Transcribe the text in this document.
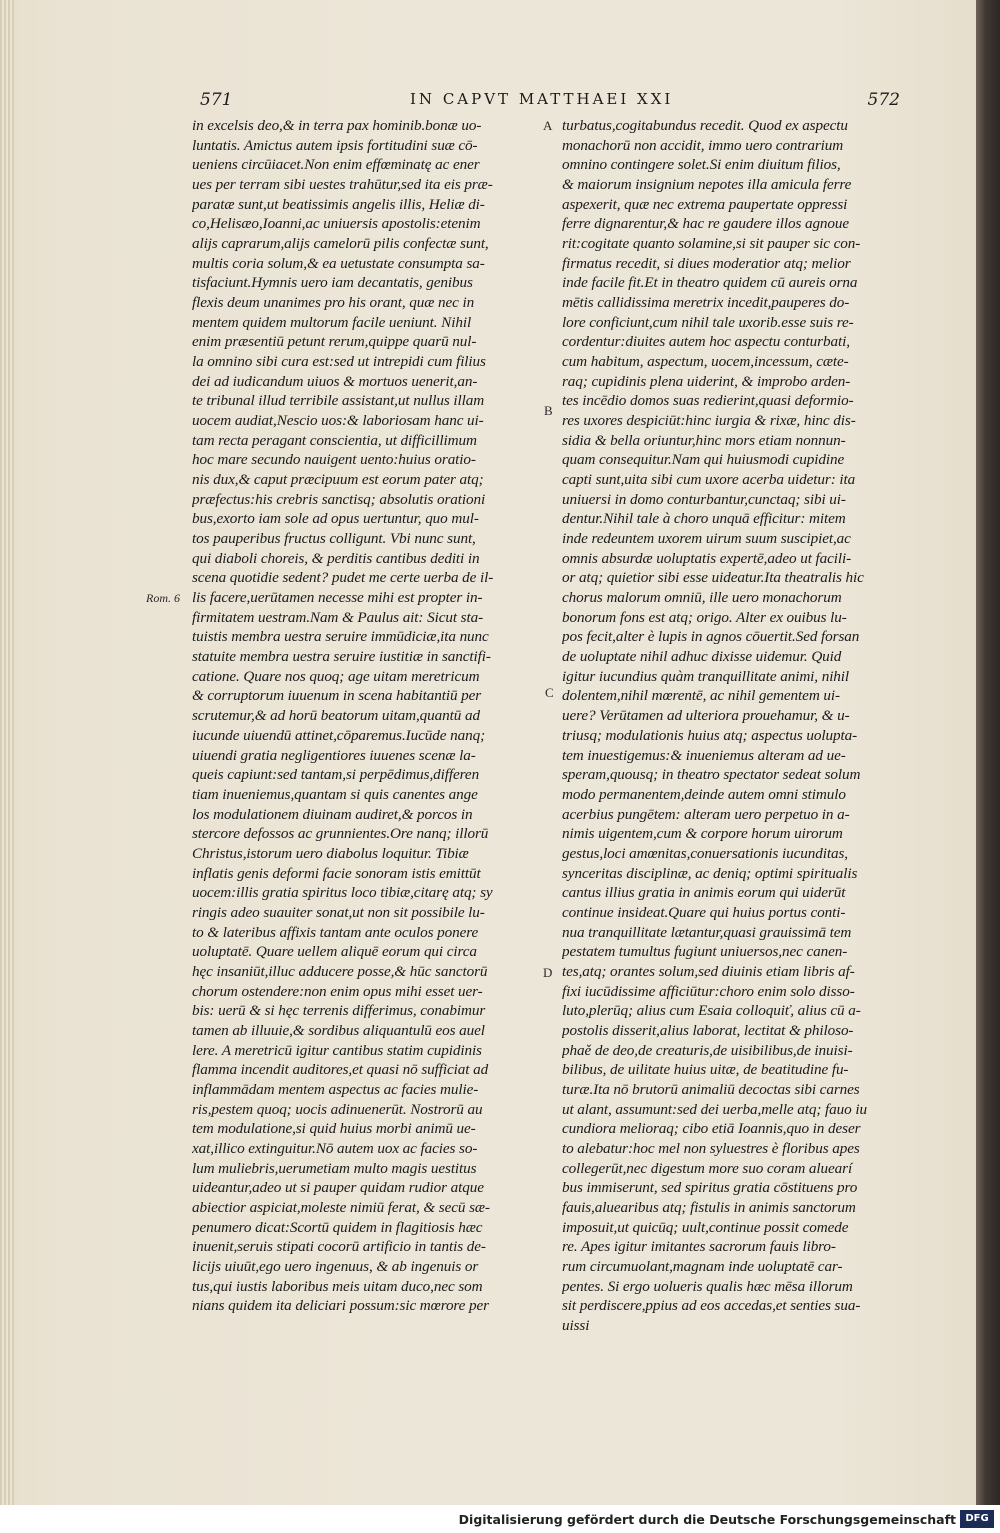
571	IN CAPVT MATTHAEI XXI	572
in excelsis deo,& in terra pax hominib.bonæ uo-
luntatis. Amictus autem ipsis fortitudini suæ cō-
ueniens circūiacet.Non enim effœminatę ac ener
ues per terram sibi uestes trahūtur,sed ita eis præ-
paratæ sunt,ut beatissimis angelis illis, Heliæ di-
co,Helisæo,Ioanni,ac uniuersis apostolis:etenim
alijs caprarum,alijs camelorū pilis confectæ sunt,
multis coria solum,& ea uetustate consumpta sa-
tisfaciunt.Hymnis uero iam decantatis, genibus
flexis deum unanimes pro his orant, quæ nec in
mentem quidem multorum facile ueniunt. Nihil
enim præsentiū petunt rerum,quippe quarū nul-
la omnino sibi cura est:sed ut intrepidi cum filius
dei ad iudicandum uiuos & mortuos uenerit,an-
te tribunal illud terribile assistant,ut nullus illam
uocem audiat,Nescio uos:& laboriosam hanc ui-
tam recta peragant conscientia, ut difficillimum
hoc mare secundo nauigent uento:huius oratio-
nis dux,& caput præcipuum est eorum pater atq;
præfectus:his crebris sanctisq; absolutis orationi
bus,exorto iam sole ad opus uertuntur, quo mul-
tos pauperibus fructus colligunt. Vbi nunc sunt,
qui diaboli choreis, & perditis cantibus dediti in
scena quotidie sedent? pudet me certe uerba de il-
lis facere,uerūtamen necesse mihi est propter in-
firmitatem uestram.Nam & Paulus ait: Sicut sta-
tuistis membra uestra seruire immūdiciæ,ita nunc
statuite membra uestra seruire iustitiæ in sanctifi-
catione. Quare nos quoq; age uitam meretricum
& corruptorum iuuenum in scena habitantiū per
scrutemur,& ad horū beatorum uitam,quantū ad
iucunde uiuendū attinet,cōparemus.Iucūde nanq;
uiuendi gratia negligentiores iuuenes scenæ la-
queis capiunt:sed tantam,si perpēdimus,differen
tiam inueniemus,quantam si quis canentes ange
los modulationem diuinam audiret,& porcos in
stercore defossos ac grunnientes.Ore nanq; illorū
Christus,istorum uero diabolus loquitur. Tibiæ
inflatis genis deformi facie sonoram istis emittūt
uocem:illis gratia spiritus loco tibiæ,citarę atq; sy
ringis adeo suauiter sonat,ut non sit possibile lu-
to & lateribus affixis tantam ante oculos ponere
uoluptatē. Quare uellem aliquē eorum qui circa
hęc insaniūt,illuc adducere posse,& hūc sanctorū
chorum ostendere:non enim opus mihi esset uer-
bis: uerū & si hęc terrenis differimus, conabimur
tamen ab illuuie,& sordibus aliquantulū eos auel
lere. A meretricū igitur cantibus statim cupidinis
flamma incendit auditores,et quasi nō sufficiat ad
inflammādam mentem aspectus ac facies mulie-
ris,pestem quoq; uocis adinuenerūt. Nostrorū au
tem modulatione,si quid huius morbi animū ue-
xat,illico extinguitur.Nō autem uox ac facies so-
lum muliebris,uerumetiam multo magis uestitus
uideantur,adeo ut si pauper quidam rudior atque
abiectior aspiciat,moleste nimiū ferat, & secū sæ-
penumero dicat:Scortū quidem in flagitiosis hæc
inuenit,seruis stipati cocorū artificio in tantis de-
licijs uiuūt,ego uero ingenuus, & ab ingenuis or
tus,qui iustis laboribus meis uitam duco,nec som
nians quidem ita deliciari possum:sic mœrore per
turbatus,cogitabundus recedit. Quod ex aspectu
monachorū non accidit, immo uero contrarium
omnino contingere solet.Si enim diuitum filios,
& maiorum insignium nepotes illa amicula ferre
aspexerit, quæ nec extrema paupertate oppressi
ferre dignarentur,& hac re gaudere illos agnoue
rit:cogitate quanto solamine,si sit pauper sic con-
firmatus recedit, si diues moderatior atq; melior
inde facile fit.Et in theatro quidem cū aureis orna
mētis callidissima meretrix incedit,pauperes do-
lore conficiunt,cum nihil tale uxorib.esse suis re-
cordentur:diuites autem hoc aspectu conturbati,
cum habitum, aspectum, uocem,incessum, cæte-
raq; cupidinis plena uiderint, & improbo arden-
tes incēdio domos suas redierint,quasi deformio-
res uxores despiciūt:hinc iurgia & rixæ, hinc dis-
sidia & bella oriuntur,hinc mors etiam nonnun-
quam consequitur.Nam qui huiusmodi cupidine
capti sunt,uita sibi cum uxore acerba uidetur: ita
uniuersi in domo conturbantur,cunctaq; sibi ui-
dentur.Nihil tale à choro unquā efficitur: mitem
inde redeuntem uxorem uirum suum suscipiet,ac
omnis absurdæ uoluptatis expertē,adeo ut facili-
or atq; quietior sibi esse uideatur.Ita theatralis hic
chorus malorum omniū, ille uero monachorum
bonorum fons est atq; origo. Alter ex ouibus lu-
pos fecit,alter è lupis in agnos cōuertit.Sed forsan
de uoluptate nihil adhuc dixisse uidemur. Quid
igitur iucundius quàm tranquillitate animi, nihil
dolentem,nihil mœrentē, ac nihil gementem ui-
uere? Verūtamen ad ulteriora prouehamur, & u-
triusq; modulationis huius atq; aspectus uolupta-
tem inuestigemus:& inueniemus alteram ad ue-
speram,quousq; in theatro spectator sedeat solum
modo permanentem,deinde autem omni stimulo
acerbius pungētem: alteram uero perpetuo in a-
nimis uigentem,cum & corpore horum uirorum
gestus,loci amœnitas,conuersationis iucunditas,
synceritas disciplinæ, ac deniq; optimi spiritualis
cantus illius gratia in animis eorum qui uiderūt
continue insideat.Quare qui huius portus conti-
nua tranquillitate lætantur,quasi grauissimā tem
pestatem tumultus fugiunt uniuersos,nec canen-
tes,atq; orantes solum,sed diuinis etiam libris af-
fixi iucūdissime afficiūtur:choro enim solo disso-
luto,plerūq; alius cum Esaia colloquiť, alius cū a-
postolis disserit,alius laborat, lectitat & philoso-
phaě de deo,de creaturis,de uisibilibus,de inuisi-
bilibus, de uilitate huius uitæ, de beatitudine fu-
turæ.Ita nō brutorū animaliū decoctas sibi carnes
ut alant, assumunt:sed dei uerba,melle atq; fauo iu
cundiora melioraq; cibo etiā Ioannis,quo in deser
to alebatur:hoc mel non syluestres è floribus apes
collegerūt,nec digestum more suo coram aluearí
bus immiserunt, sed spiritus gratia cōstituens pro
fauis,aluearibus atq; fistulis in animis sanctorum
imposuit,ut quicūq; uult,continue possit comede
re. Apes igitur imitantes sacrorum fauis libro-
rum circumuolant,magnam inde uoluptatē car-
pentes. Si ergo uolueris qualis hæc mēsa illorum
sit perdiscere,ppius ad eos accedas,et senties sua-
uissi
A
B
C
D
Rom. 6
Digitalisierung gefördert durch die Deutsche Forschungsgemeinschaft DFG
